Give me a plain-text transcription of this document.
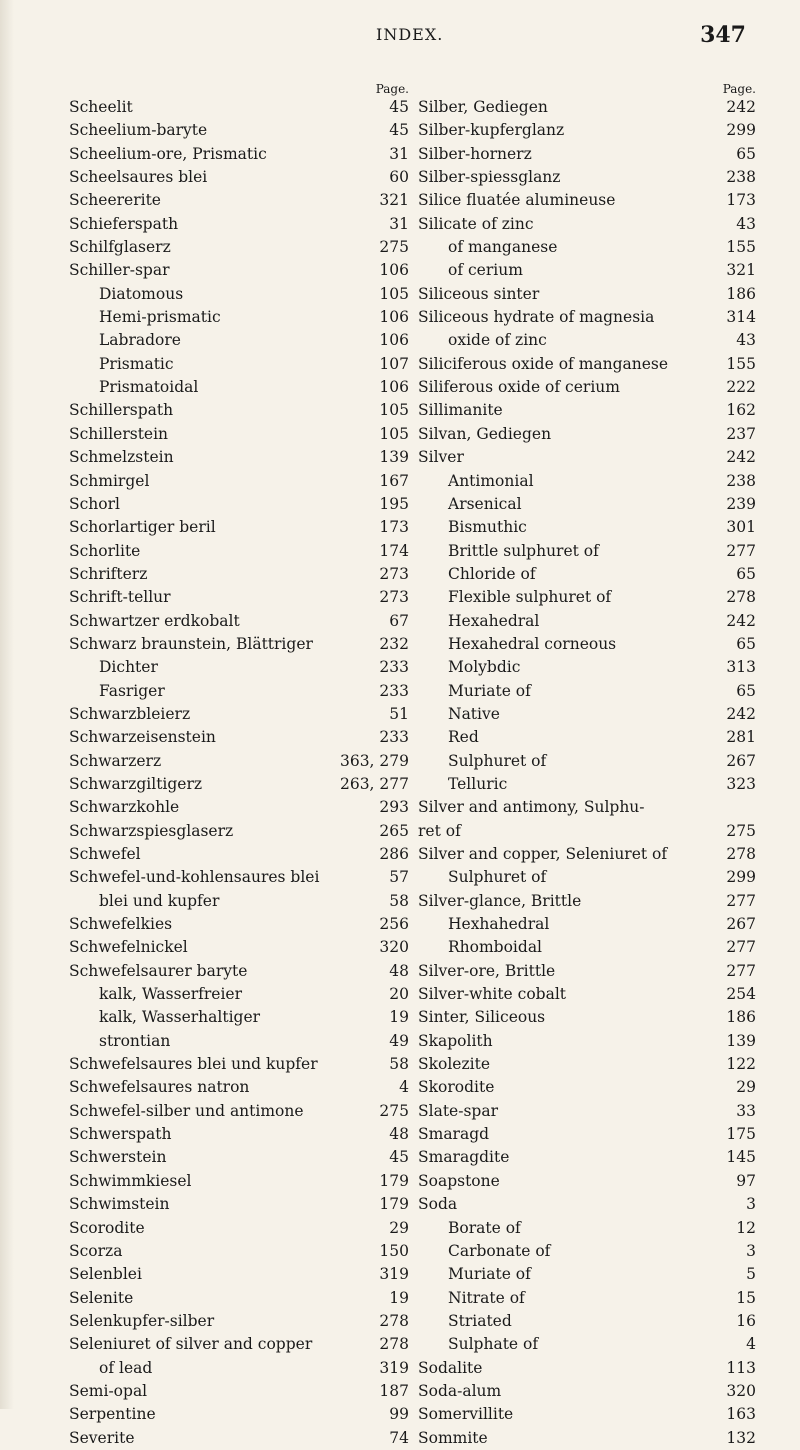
INDEX.	347
Page.
Scheelit	45
Scheelium-baryte	45
Scheelium-ore, Prismatic	31
Scheelsaures blei	60
Scheererite	321
Schieferspath	31
Schilfglaserz	275
Schiller-spar	106
Diatomous	105
Hemi-prismatic	106
Labradore	106
Prismatic	107
Prismatoidal	106
Schillerspath	105
Schillerstein	105
Schmelzstein	139
Schmirgel	167
Schorl	195
Schorlartiger beril	173
Schorlite	174
Schrifterz	273
Schrift-tellur	273
Schwartzer erdkobalt	67
Schwarz braunstein, Blättriger	232
Dichter	233
Fasriger	233
Schwarzbleierz	51
Schwarzeisenstein	233
Schwarzerz	363, 279
Schwarzgiltigerz	263, 277
Schwarzkohle	293
Schwarzspiesglaserz	265
Schwefel	286
Schwefel-und-kohlensaures blei	57
blei und kupfer	58
Schwefelkies	256
Schwefelnickel	320
Schwefelsaurer baryte	48
kalk, Wasserfreier	20
kalk, Wasserhaltiger	19
strontian	49
Schwefelsaures blei und kupfer	58
Schwefelsaures natron	4
Schwefel-silber und antimone	275
Schwerspath	48
Schwerstein	45
Schwimmkiesel	179
Schwimstein	179
Scorodite	29
Scorza	150
Selenblei	319
Selenite	19
Selenkupfer-silber	278
Seleniuret of silver and copper	278
of lead	319
Semi-opal	187
Serpentine	99
Severite	74
Page.
Silber, Gediegen	242
Silber-kupferglanz	299
Silber-hornerz	65
Silber-spiessglanz	238
Silice fluatée alumineuse	173
Silicate of zinc	43
of manganese	155
of cerium	321
Siliceous sinter	186
Siliceous hydrate of magnesia	314
oxide of zinc	43
Siliciferous oxide of manganese	155
Siliferous oxide of cerium	222
Sillimanite	162
Silvan, Gediegen	237
Silver	242
Antimonial	238
Arsenical	239
Bismuthic	301
Brittle sulphuret of	277
Chloride of	65
Flexible sulphuret of	278
Hexahedral	242
Hexahedral corneous	65
Molybdic	313
Muriate of	65
Native	242
Red	281
Sulphuret of	267
Telluric	323
Silver and antimony, Sulphu-
ret of	275
Silver and copper, Seleniuret of	278
Sulphuret of	299
Silver-glance, Brittle	277
Hexhahedral	267
Rhomboidal	277
Silver-ore, Brittle	277
Silver-white cobalt	254
Sinter, Siliceous	186
Skapolith	139
Skolezite	122
Skorodite	29
Slate-spar	33
Smaragd	175
Smaragdite	145
Soapstone	97
Soda	3
Borate of	12
Carbonate of	3
Muriate of	5
Nitrate of	15
Striated	16
Sulphate of	4
Sodalite	113
Soda-alum	320
Somervillite	163
Sommite	132
